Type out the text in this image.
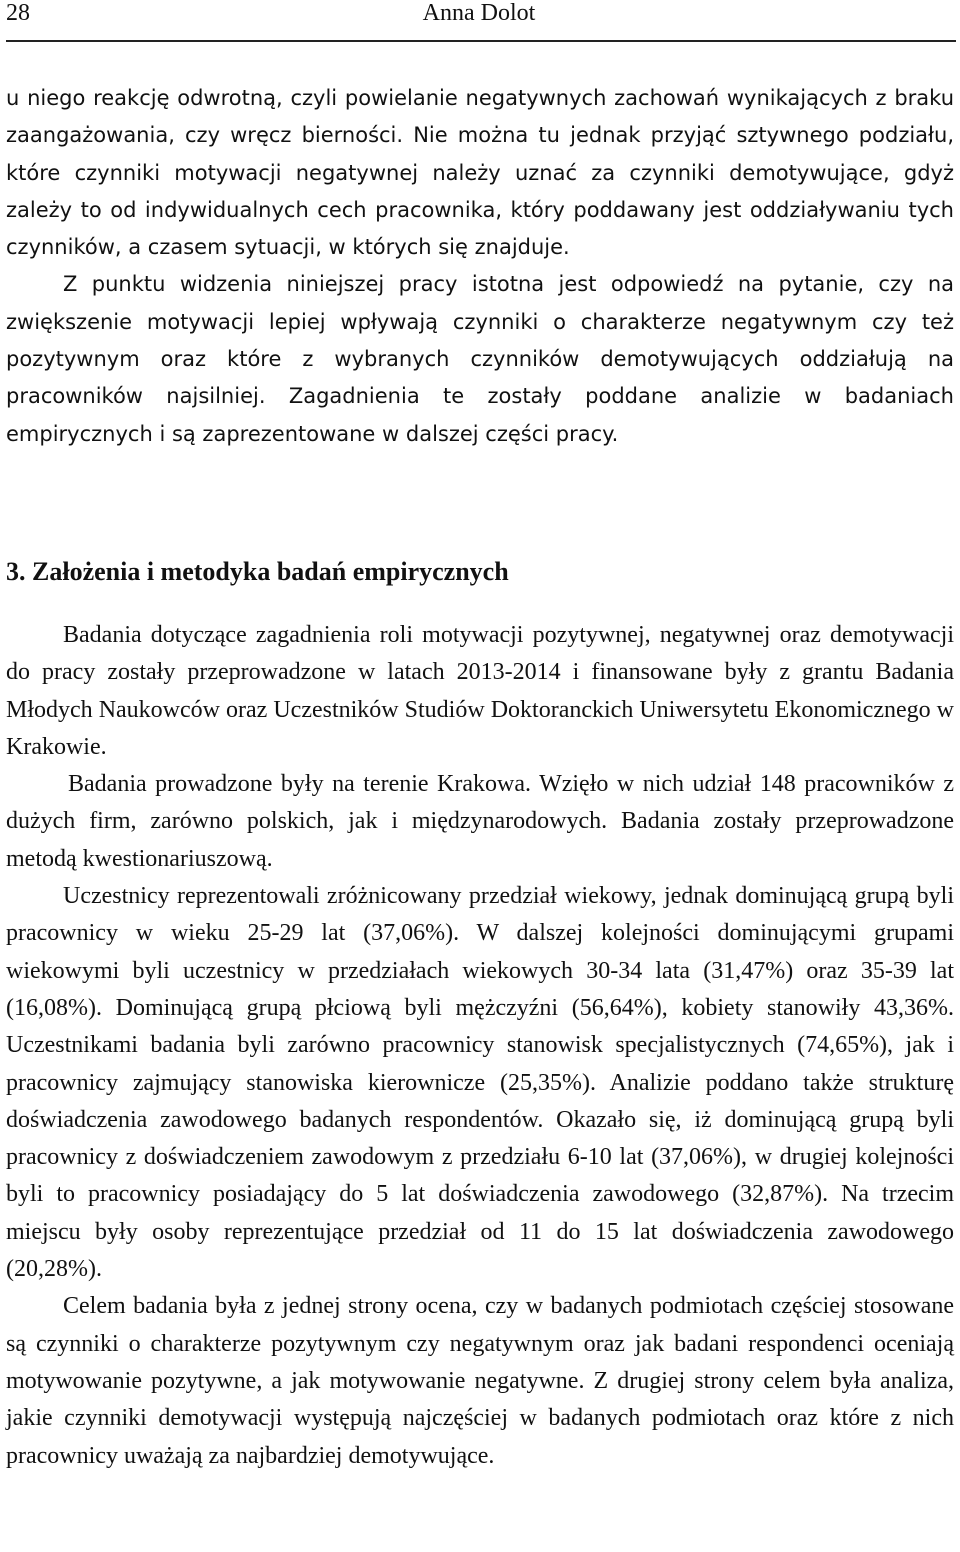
28	Anna Dolot

u niego reakcję odwrotną, czyli powielanie negatywnych zachowań wynikających z braku zaangażowania, czy wręcz bierności. Nie można tu jednak przyjąć sztywnego podziału, które czynniki motywacji negatywnej należy uznać za czynniki demotywujące, gdyż zależy to od indywidualnych cech pracownika, który poddawany jest oddziaływaniu tych czynników, a czasem sytuacji, w których się znajduje.

Z punktu widzenia niniejszej pracy istotna jest odpowiedź na pytanie, czy na zwiększenie motywacji lepiej wpływają czynniki o charakterze negatywnym czy też pozytywnym oraz które z wybranych czynników demotywujących oddziałują na pracowników najsilniej. Zagadnienia te zostały poddane analizie w badaniach empirycznych i są zaprezentowane w dalszej części pracy.

3. Założenia i metodyka badań empirycznych

Badania dotyczące zagadnienia roli motywacji pozytywnej, negatywnej oraz demotywacji do pracy zostały przeprowadzone w latach 2013-2014 i finansowane były z grantu Badania Młodych Naukowców oraz Uczestników Studiów Doktoranckich Uniwersytetu Ekonomicznego w Krakowie.

Badania prowadzone były na terenie Krakowa. Wzięło w nich udział 148 pracowników z dużych firm, zarówno polskich, jak i międzynarodowych. Badania zostały przeprowadzone metodą kwestionariuszową.

Uczestnicy reprezentowali zróżnicowany przedział wiekowy, jednak dominującą grupą byli pracownicy w wieku 25-29 lat (37,06%). W dalszej kolejności dominującymi grupami wiekowymi byli uczestnicy w przedziałach wiekowych 30-34 lata (31,47%) oraz 35-39 lat (16,08%). Dominującą grupą płciową byli mężczyźni (56,64%), kobiety stanowiły 43,36%. Uczestnikami badania byli zarówno pracownicy stanowisk specjalistycznych (74,65%), jak i pracownicy zajmujący stanowiska kierownicze (25,35%). Analizie poddano także strukturę doświadczenia zawodowego badanych respondentów. Okazało się, iż dominującą grupą byli pracownicy z doświadczeniem zawodowym z przedziału 6-10 lat (37,06%), w drugiej kolejności byli to pracownicy posiadający do 5 lat doświadczenia zawodowego (32,87%). Na trzecim miejscu były osoby reprezentujące przedział od 11 do 15 lat doświadczenia zawodowego (20,28%).

Celem badania była z jednej strony ocena, czy w badanych podmiotach częściej stosowane są czynniki o charakterze pozytywnym czy negatywnym oraz jak badani respondenci oceniają motywowanie pozytywne, a jak motywowanie negatywne. Z drugiej strony celem była analiza, jakie czynniki demotywacji występują najczęściej w badanych podmiotach oraz które z nich pracownicy uważają za najbardziej demotywujące.
